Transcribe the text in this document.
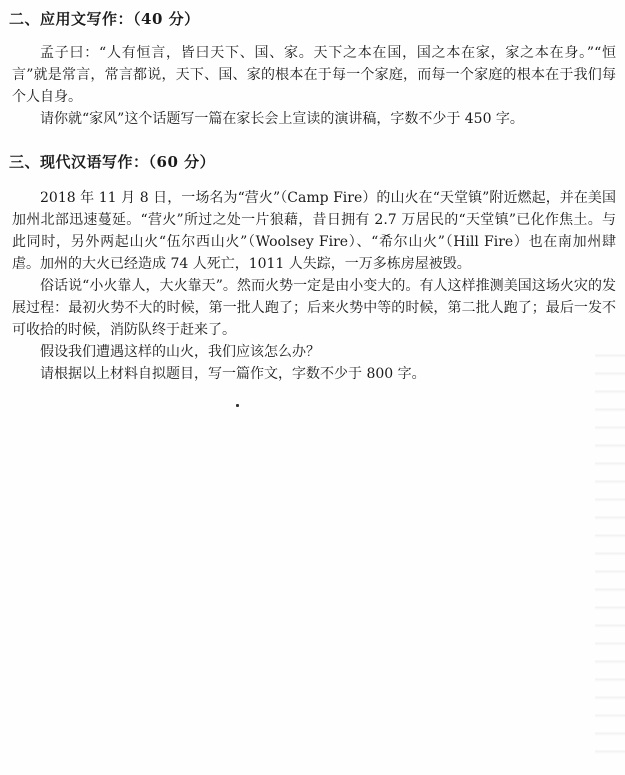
二、应用文写作：（40 分）
孟子曰：“人有恒言，皆曰天下、国、家。天下之本在国，国之本在家，家之本在身。”“恒言”就是常言，常言都说，天下、国、家的根本在于每一个家庭，而每一个家庭的根本在于我们每个人自身。
请你就“家风”这个话题写一篇在家长会上宣读的演讲稿，字数不少于 450 字。
三、现代汉语写作：（60 分）
2018 年 11 月 8 日，一场名为“营火”（Camp Fire）的山火在“天堂镇”附近燃起，并在美国加州北部迅速蔓延。“营火”所过之处一片狼藉，昔日拥有 2.7 万居民的“天堂镇”已化作焦土。与此同时，另外两起山火“伍尔西山火”（Woolsey Fire）、“希尔山火”（Hill Fire）也在南加州肆虐。加州的大火已经造成 74 人死亡，1011 人失踪，一万多栋房屋被毁。
俗话说“小火靠人，大火靠天”。然而火势一定是由小变大的。有人这样推测美国这场火灾的发展过程：最初火势不大的时候，第一批人跑了；后来火势中等的时候，第二批人跑了；最后一发不可收拾的时候，消防队终于赶来了。
假设我们遭遇这样的山火，我们应该怎么办？
请根据以上材料自拟题目，写一篇作文，字数不少于 800 字。
